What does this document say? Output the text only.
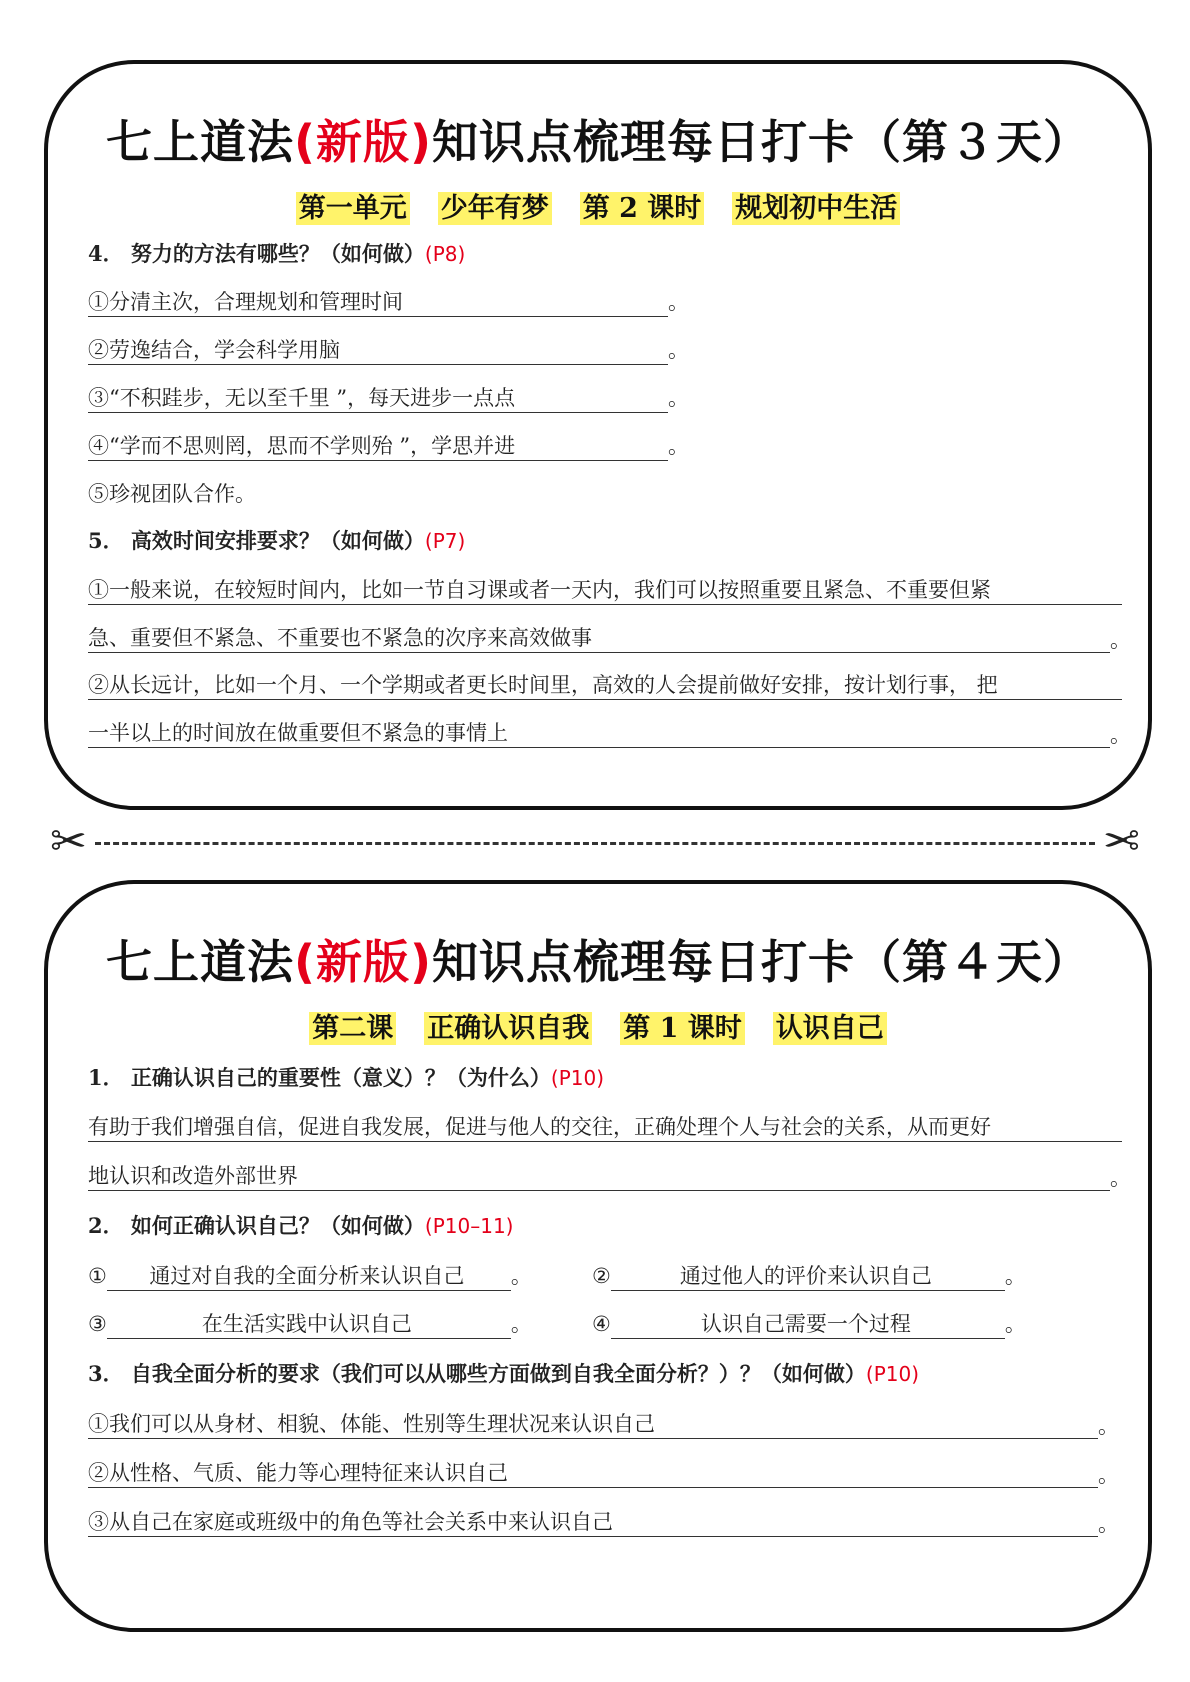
七上道法(新版)知识点梳理每日打卡（第３天）
第一单元 少年有梦 第 2 课时 规划初中生活
4． 努力的方法有哪些？（如何做）(P8)
①分清主次，合理规划和管理时间	。
②劳逸结合，学会科学用脑	。
③“不积跬步，无以至千里 ”，每天进步一点点	。
④“学而不思则罔，思而不学则殆 ”，学思并进	。
⑤珍视团队合作。
5． 高效时间安排要求？（如何做）(P7)
①一般来说，在较短时间内，比如一节自习课或者一天内，我们可以按照重要且紧急、不重要但紧
急、重要但不紧急、不重要也不紧急的次序来高效做事	。
②从长远计，比如一个月、一个学期或者更长时间里，高效的人会提前做好安排，按计划行事， 把
一半以上的时间放在做重要但不紧急的事情上	。
✂	✂
七上道法(新版)知识点梳理每日打卡（第４天）
第二课 正确认识自我 第 1 课时 认识自己
1． 正确认识自己的重要性（意义）？（为什么）(P10)
有助于我们增强自信，促进自我发展，促进与他人的交往，正确处理个人与社会的关系，从而更好
地认识和改造外部世界	。
2． 如何正确认识自己？（如何做）(P10–11)
① 通过对自我的全面分析来认识自己 。	②	通过他人的评价来认识自己	。
③	在生活实践中认识自己	。	④	认识自己需要一个过程	。
3． 自我全面分析的要求（我们可以从哪些方面做到自我全面分析？）？（如何做）(P10)
①我们可以从身材、相貌、体能、性别等生理状况来认识自己	。
②从性格、气质、能力等心理特征来认识自己	。
③从自己在家庭或班级中的角色等社会关系中来认识自己	。
